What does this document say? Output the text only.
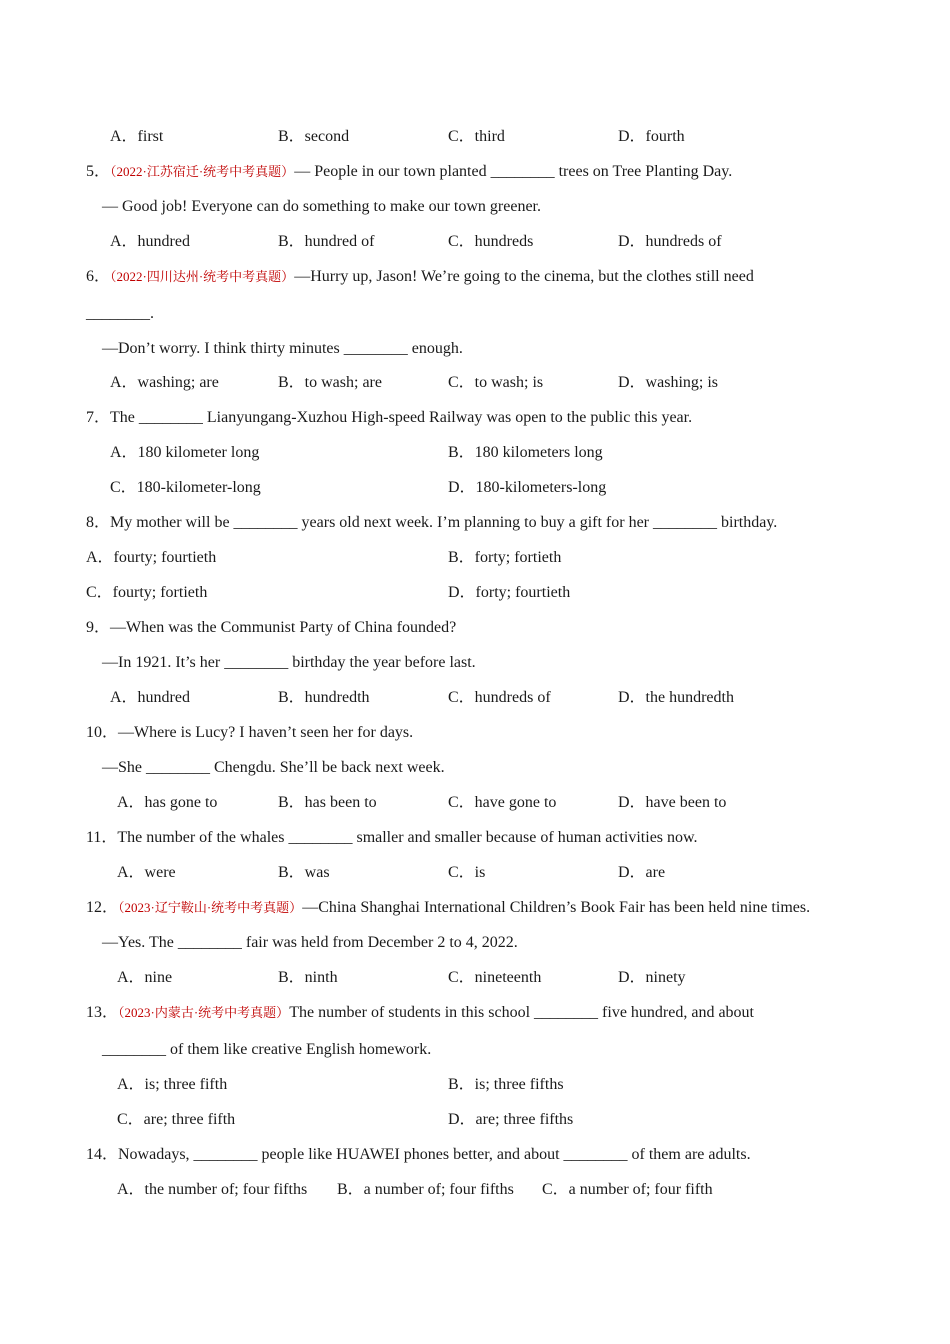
A．first	B．second	C．third	D．fourth
5．（2022·江苏宿迁·统考中考真题）— People in our town planted ________ trees on Tree Planting Day.
— Good job! Everyone can do something to make our town greener.
A．hundred	B．hundred of	C．hundreds	D．hundreds of
6．（2022·四川达州·统考中考真题）—Hurry up, Jason! We’re going to the cinema, but the clothes still need
________.
—Don’t worry. I think thirty minutes ________ enough.
A．washing; are	B．to wash; are	C．to wash; is	D．washing; is
7．The ________ Lianyungang-Xuzhou High-speed Railway was open to the public this year.
A．180 kilometer long	B．180 kilometers long
C．180-kilometer-long	D．180-kilometers-long
8．My mother will be ________ years old next week. I’m planning to buy a gift for her ________ birthday.
A．fourty; fourtieth	B．forty; fortieth
C．fourty; fortieth	D．forty; fourtieth
9．—When was the Communist Party of China founded?
—In 1921. It’s her ________ birthday the year before last.
A．hundred	B．hundredth	C．hundreds of	D．the hundredth
10．—Where is Lucy? I haven’t seen her for days.
—She ________ Chengdu. She’ll be back next week.
A．has gone to	B．has been to	C．have gone to	D．have been to
11．The number of the whales ________ smaller and smaller because of human activities now.
A．were	B．was	C．is	D．are
12．（2023·辽宁鞍山·统考中考真题）—China Shanghai International Children’s Book Fair has been held nine times.
—Yes. The ________ fair was held from December 2 to 4, 2022.
A．nine	B．ninth	C．nineteenth	D．ninety
13．（2023·内蒙古·统考中考真题）The number of students in this school ________ five hundred, and about
________ of them like creative English homework.
A．is; three fifth	B．is; three fifths
C．are; three fifth	D．are; three fifths
14．Nowadays, ________ people like HUAWEI phones better, and about ________ of them are adults.
A．the number of; four fifths B．a number of; four fifths C．a number of; four fifth
